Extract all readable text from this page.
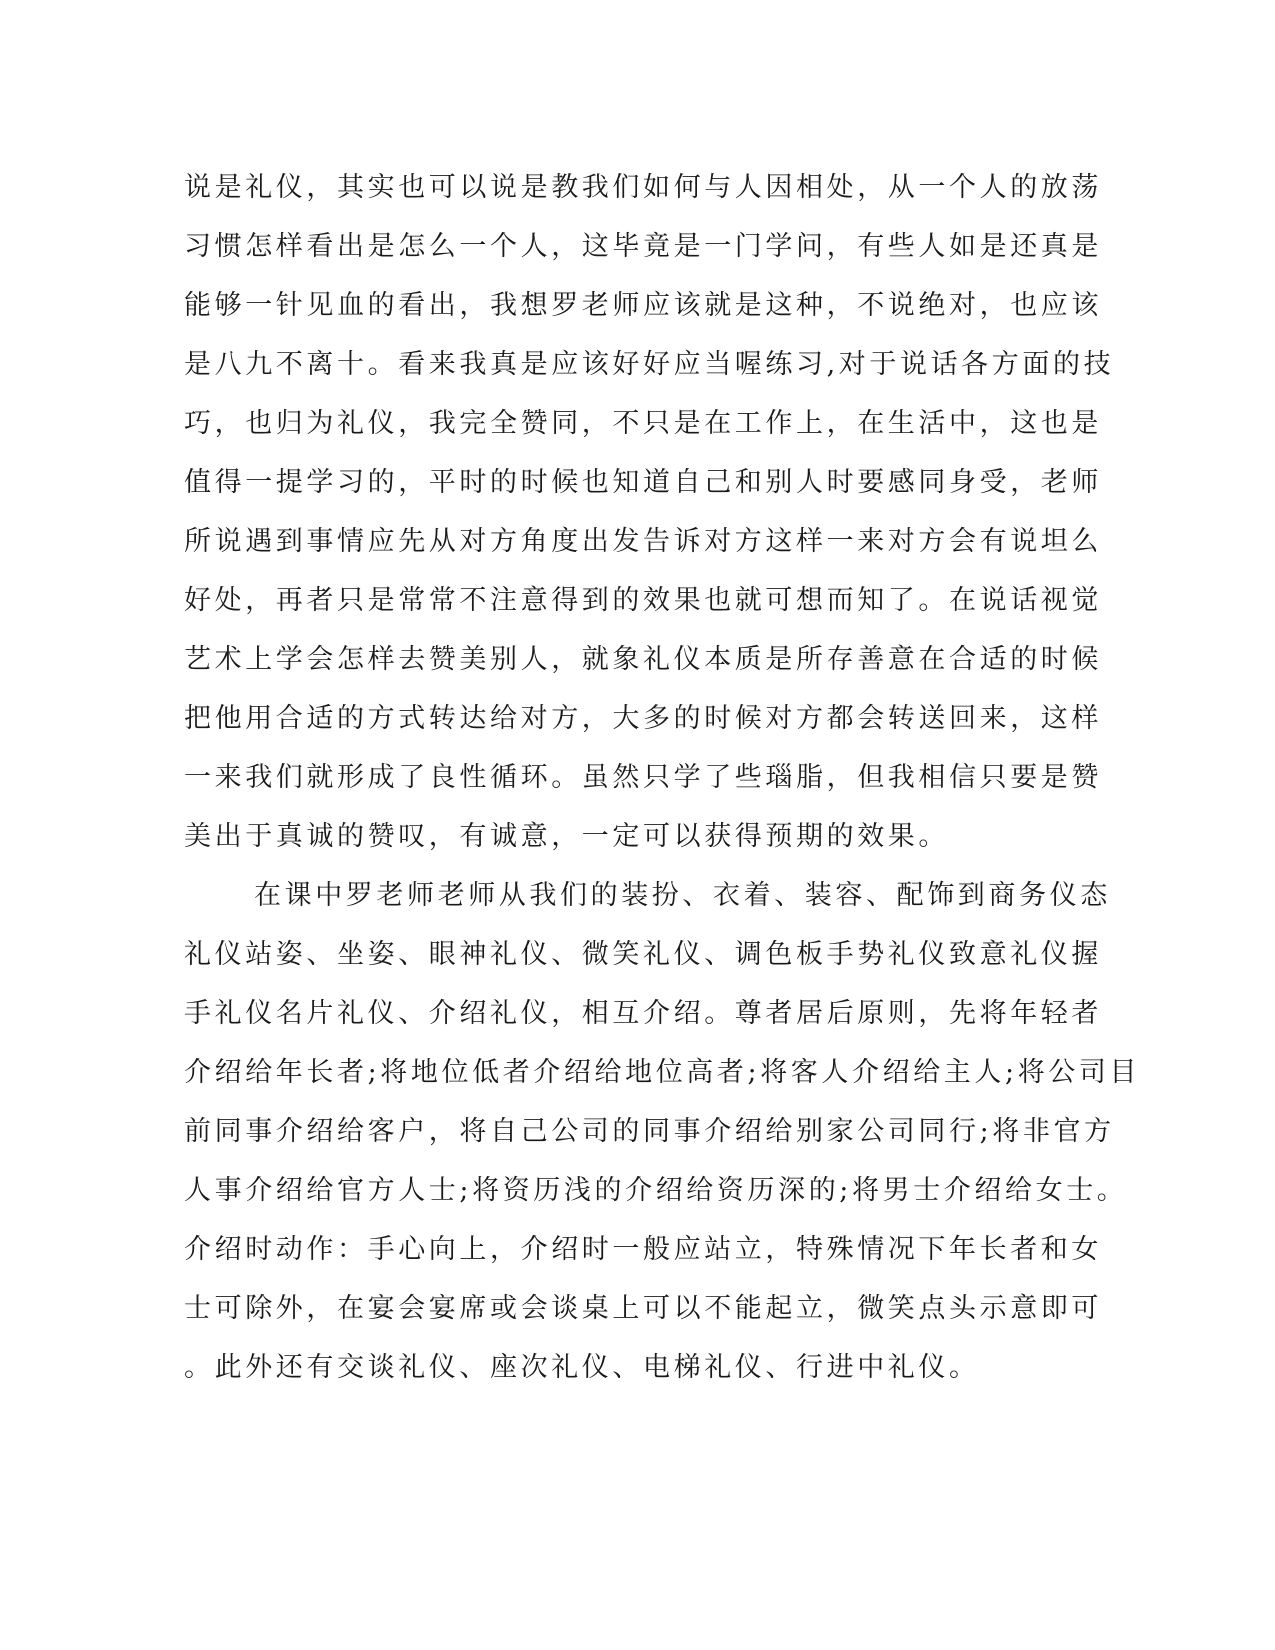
说是礼仪，其实也可以说是教我们如何与人因相处，从一个人的放荡
习惯怎样看出是怎么一个人，这毕竟是一门学问，有些人如是还真是
能够一针见血的看出，我想罗老师应该就是这种，不说绝对，也应该
是八九不离十。看来我真是应该好好应当喔练习,对于说话各方面的技
巧，也归为礼仪，我完全赞同，不只是在工作上，在生活中，这也是
值得一提学习的，平时的时候也知道自己和别人时要感同身受，老师
所说遇到事情应先从对方角度出发告诉对方这样一来对方会有说坦么
好处，再者只是常常不注意得到的效果也就可想而知了。在说话视觉
艺术上学会怎样去赞美别人，就象礼仪本质是所存善意在合适的时候
把他用合适的方式转达给对方，大多的时候对方都会转送回来，这样
一来我们就形成了良性循环。虽然只学了些瑙脂，但我相信只要是赞
美出于真诚的赞叹，有诚意，一定可以获得预期的效果。
在课中罗老师老师从我们的装扮、衣着、装容、配饰到商务仪态
礼仪站姿、坐姿、眼神礼仪、微笑礼仪、调色板手势礼仪致意礼仪握
手礼仪名片礼仪、介绍礼仪，相互介绍。尊者居后原则，先将年轻者
介绍给年长者;将地位低者介绍给地位高者;将客人介绍给主人;将公司目
前同事介绍给客户，将自己公司的同事介绍给别家公司同行;将非官方
人事介绍给官方人士;将资历浅的介绍给资历深的;将男士介绍给女士。
介绍时动作：手心向上，介绍时一般应站立，特殊情况下年长者和女
士可除外，在宴会宴席或会谈桌上可以不能起立，微笑点头示意即可
。此外还有交谈礼仪、座次礼仪、电梯礼仪、行进中礼仪。
